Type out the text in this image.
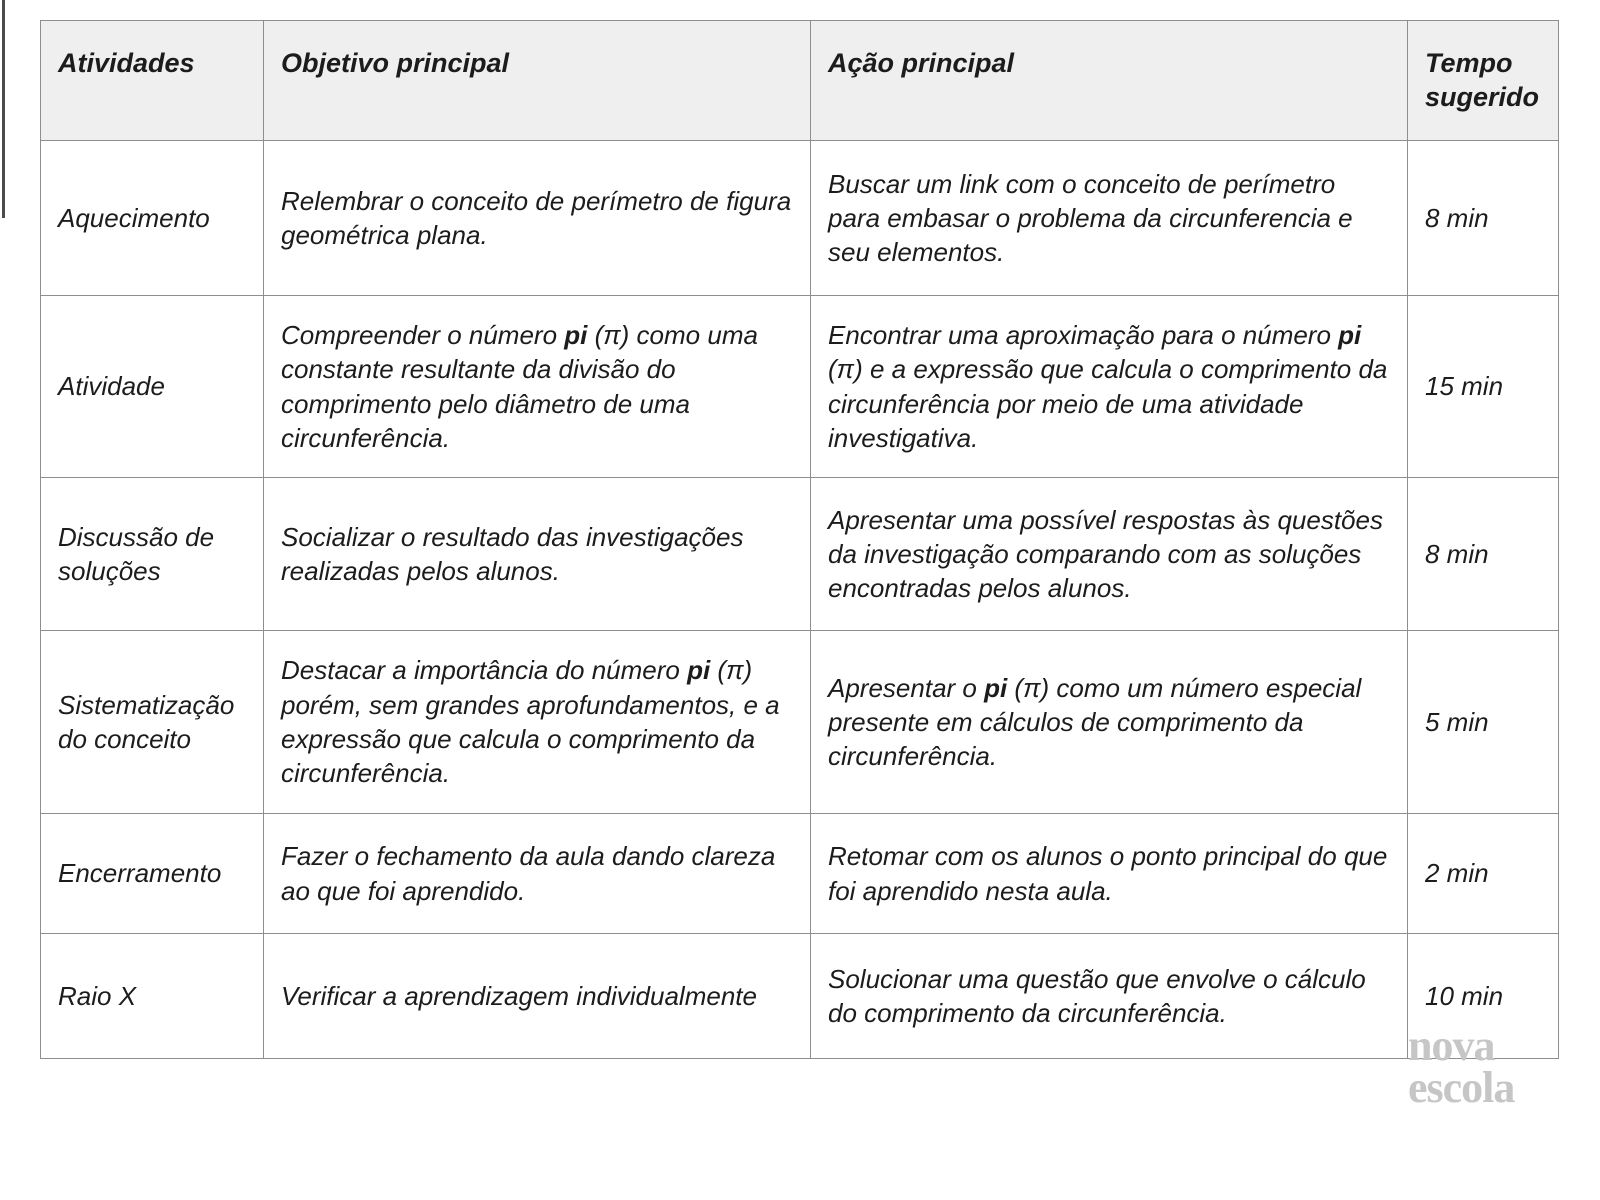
Atividades	Objetivo principal	Ação principal	Tempo sugerido
Aquecimento	Relembrar o conceito de perímetro de figura geométrica plana.	Buscar um link com o conceito de perímetro para embasar o problema da circunferencia e seu elementos.	8 min
Atividade	Compreender o número pi (π) como uma constante resultante da divisão do comprimento pelo diâmetro de uma circunferência.	Encontrar uma aproximação para o número pi (π) e a expressão que calcula o comprimento da circunferência por meio de uma atividade investigativa.	15 min
Discussão de soluções	Socializar o resultado das investigações realizadas pelos alunos.	Apresentar uma possível respostas às questões da investigação comparando com as soluções encontradas pelos alunos.	8 min
Sistematização do conceito	Destacar a importância do número pi (π) porém, sem grandes aprofundamentos, e a expressão que calcula o comprimento da circunferência.	Apresentar o pi (π) como um número especial presente em cálculos de comprimento da circunferência.	5 min
Encerramento	Fazer o fechamento da aula dando clareza ao que foi aprendido.	Retomar com os alunos o ponto principal do que foi aprendido nesta aula.	2 min
Raio X	Verificar a aprendizagem individualmente	Solucionar uma questão que envolve o cálculo do comprimento da circunferência.	10 min
nova
escola
